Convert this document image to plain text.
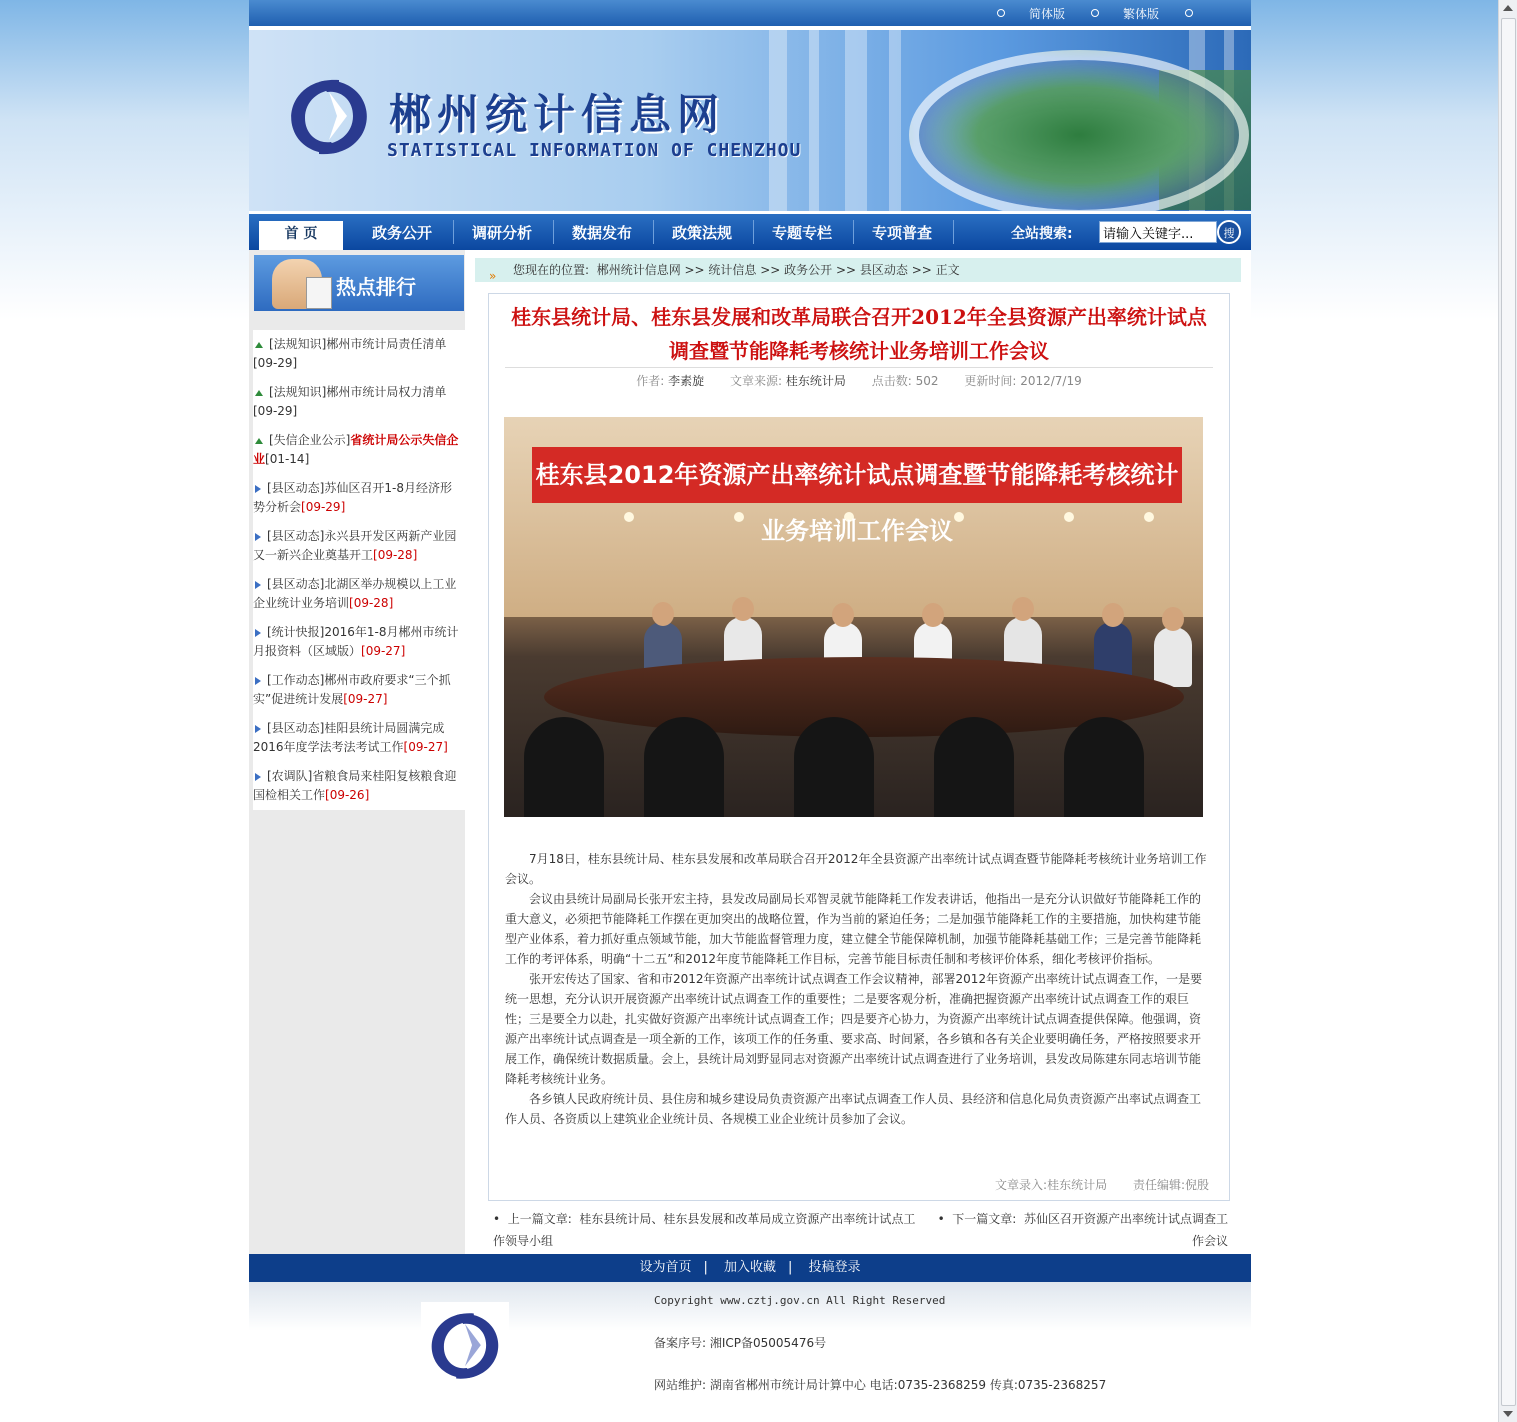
简体版	繁体版
郴州统计信息网
STATISTICAL INFORMATION OF CHENZHOU
首 页	政务公开	调研分析	数据发布	政策法规	专题专栏	专项普查	全站搜索:
请输入关键字...	搜
热点排行
[法规知识]郴州市统计局责任清单
[09-29]
[法规知识]郴州市统计局权力清单
[09-29]
[失信企业公示]省统计局公示失信企业[01-14]
[县区动态]苏仙区召开1-8月经济形势分析会[09-29]
[县区动态]永兴县开发区两新产业园又一新兴企业奠基开工[09-28]
[县区动态]北湖区举办规模以上工业企业统计业务培训[09-28]
[统计快报]2016年1-8月郴州市统计月报资料（区域版）[09-27]
[工作动态]郴州市政府要求“三个抓实”促进统计发展[09-27]
[县区动态]桂阳县统计局圆满完成2016年度学法考法考试工作[09-27]
[农调队]省粮食局来桂阳复核粮食迎国检相关工作[09-26]
» 您现在的位置: 郴州统计信息网 >> 统计信息 >> 政务公开 >> 县区动态 >> 正文
桂东县统计局、桂东县发展和改革局联合召开2012年全县资源产出率统计试点调查暨节能降耗考核统计业务培训工作会议
作者: 李素旋 文章来源: 桂东统计局 点击数: 502 更新时间: 2012/7/19
桂东县2012年资源产出率统计试点调查暨节能降耗考核统计业务培训工作会议

7月18日，桂东县统计局、桂东县发展和改革局联合召开2012年全县资源产出率统计试点调查暨节能降耗考核统计业务培训工作会议。

会议由县统计局副局长张开宏主持，县发改局副局长邓智灵就节能降耗工作发表讲话，他指出一是充分认识做好节能降耗工作的重大意义，必须把节能降耗工作摆在更加突出的战略位置，作为当前的紧迫任务；二是加强节能降耗工作的主要措施，加快构建节能型产业体系，着力抓好重点领域节能，加大节能监督管理力度，建立健全节能保障机制，加强节能降耗基础工作；三是完善节能降耗工作的考评体系，明确“十二五”和2012年度节能降耗工作目标，完善节能目标责任制和考核评价体系，细化考核评价指标。

张开宏传达了国家、省和市2012年资源产出率统计试点调查工作会议精神，部署2012年资源产出率统计试点调查工作，一是要统一思想，充分认识开展资源产出率统计试点调查工作的重要性；二是要客观分析，准确把握资源产出率统计试点调查工作的艰巨性；三是要全力以赴，扎实做好资源产出率统计试点调查工作；四是要齐心协力，为资源产出率统计试点调查提供保障。他强调，资源产出率统计试点调查是一项全新的工作，该项工作的任务重、要求高、时间紧，各乡镇和各有关企业要明确任务，严格按照要求开展工作，确保统计数据质量。会上，县统计局刘野显同志对资源产出率统计试点调查进行了业务培训，县发改局陈建东同志培训节能降耗考核统计业务。

各乡镇人民政府统计员、县住房和城乡建设局负责资源产出率试点调查工作人员、县经济和信息化局负责资源产出率试点调查工作人员、各资质以上建筑业企业统计员、各规模工业企业统计员参加了会议。

文章录入:桂东统计局 责任编辑:倪殷
•  上一篇文章: 桂东县统计局、桂东县发展和改革局成立资源产出率统计试点工作领导小组
•  下一篇文章: 苏仙区召开资源产出率统计试点调查工作会议
设为首页 | 加入收藏 | 投稿登录
Copyright www.cztj.gov.cn All Right Reserved
备案序号: 湘ICP备05005476号
网站维护: 湖南省郴州市统计局计算中心 电话:0735-2368259 传真:0735-2368257
